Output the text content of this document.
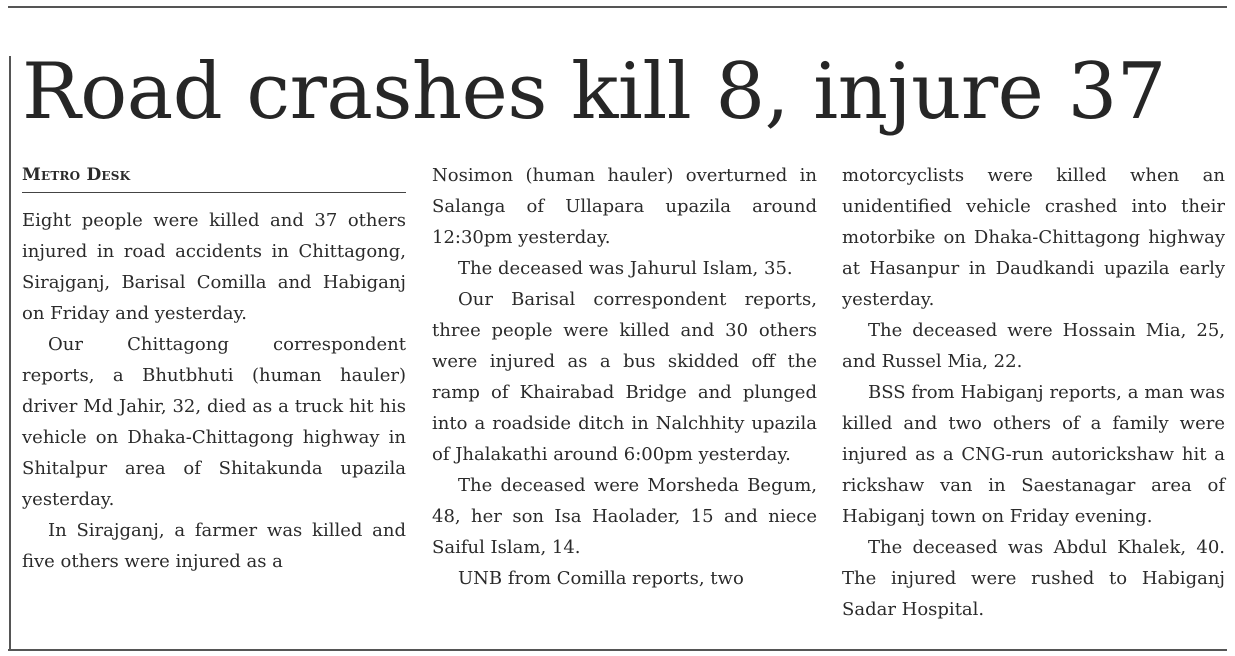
Road crashes kill 8, injure 37
Metro Desk

Eight people were killed and 37 others injured in road accidents in Chittagong, Sirajganj, Barisal Comilla and Habiganj on Friday and yesterday.

Our Chittagong correspondent reports, a Bhutbhuti (human hauler) driver Md Jahir, 32, died as a truck hit his vehicle on Dhaka-Chittagong highway in Shitalpur area of Shitakunda upazila yesterday.

In Sirajganj, a farmer was killed and five others were injured as a

Nosimon (human hauler) overturned in Salanga of Ullapara upazila around 12:30pm yesterday.

The deceased was Jahurul Islam, 35.

Our Barisal correspondent reports, three people were killed and 30 others were injured as a bus skidded off the ramp of Khairabad Bridge and plunged into a roadside ditch in Nalchhity upazila of Jhalakathi around 6:00pm yesterday.

The deceased were Morsheda Begum, 48, her son Isa Haolader, 15 and niece Saiful Islam, 14.

UNB from Comilla reports, two

motorcyclists were killed when an unidentified vehicle crashed into their motorbike on Dhaka-Chittagong highway at Hasanpur in Daudkandi upazila early yesterday.

The deceased were Hossain Mia, 25, and Russel Mia, 22.

BSS from Habiganj reports, a man was killed and two others of a family were injured as a CNG-run autorickshaw hit a rickshaw van in Saestanagar area of Habiganj town on Friday evening.

The deceased was Abdul Khalek, 40. The injured were rushed to Habiganj Sadar Hospital.
